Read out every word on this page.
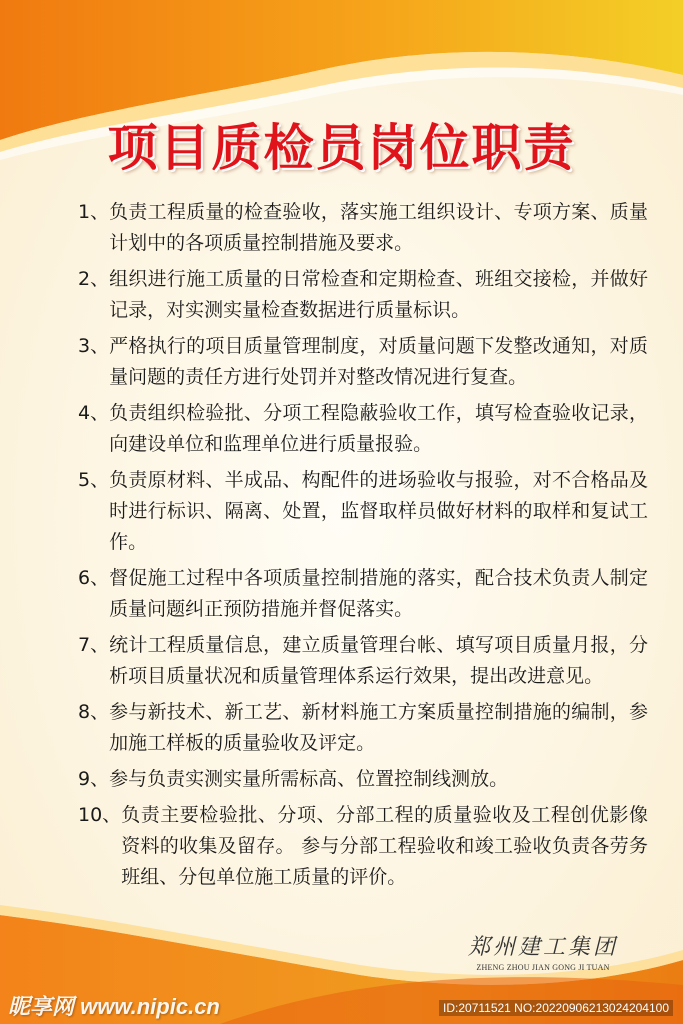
项目质检员岗位职责
1、 负责工程质量的检查验收，落实施工组织设计、专项方案、质量计划中的各项质量控制措施及要求。
2、 组织进行施工质量的日常检查和定期检查、班组交接检，并做好记录，对实测实量检查数据进行质量标识。
3、 严格执行的项目质量管理制度，对质量问题下发整改通知，对质量问题的责任方进行处罚并对整改情况进行复查。
4、 负责组织检验批、分项工程隐蔽验收工作，填写检查验收记录，向建设单位和监理单位进行质量报验。
5、 负责原材料、半成品、构配件的进场验收与报验，对不合格品及时进行标识、隔离、处置，监督取样员做好材料的取样和复试工作。
6、 督促施工过程中各项质量控制措施的落实，配合技术负责人制定质量问题纠正预防措施并督促落实。
7、 统计工程质量信息，建立质量管理台帐、填写项目质量月报，分析项目质量状况和质量管理体系运行效果，提出改进意见。
8、 参与新技术、新工艺、新材料施工方案质量控制措施的编制，参加施工样板的质量验收及评定。
9、 参与负责实测实量所需标高、位置控制线测放。
10、 负责主要检验批、分项、分部工程的质量验收及工程创优影像资料的收集及留存。 参与分部工程验收和竣工验收负责各劳务班组、分包单位施工质量的评价。
郑州建工集团
ZHENG ZHOU JIAN GONG JI TUAN
昵享网 www.nipic.cn	ID:20711521 NO:20220906213024204100
